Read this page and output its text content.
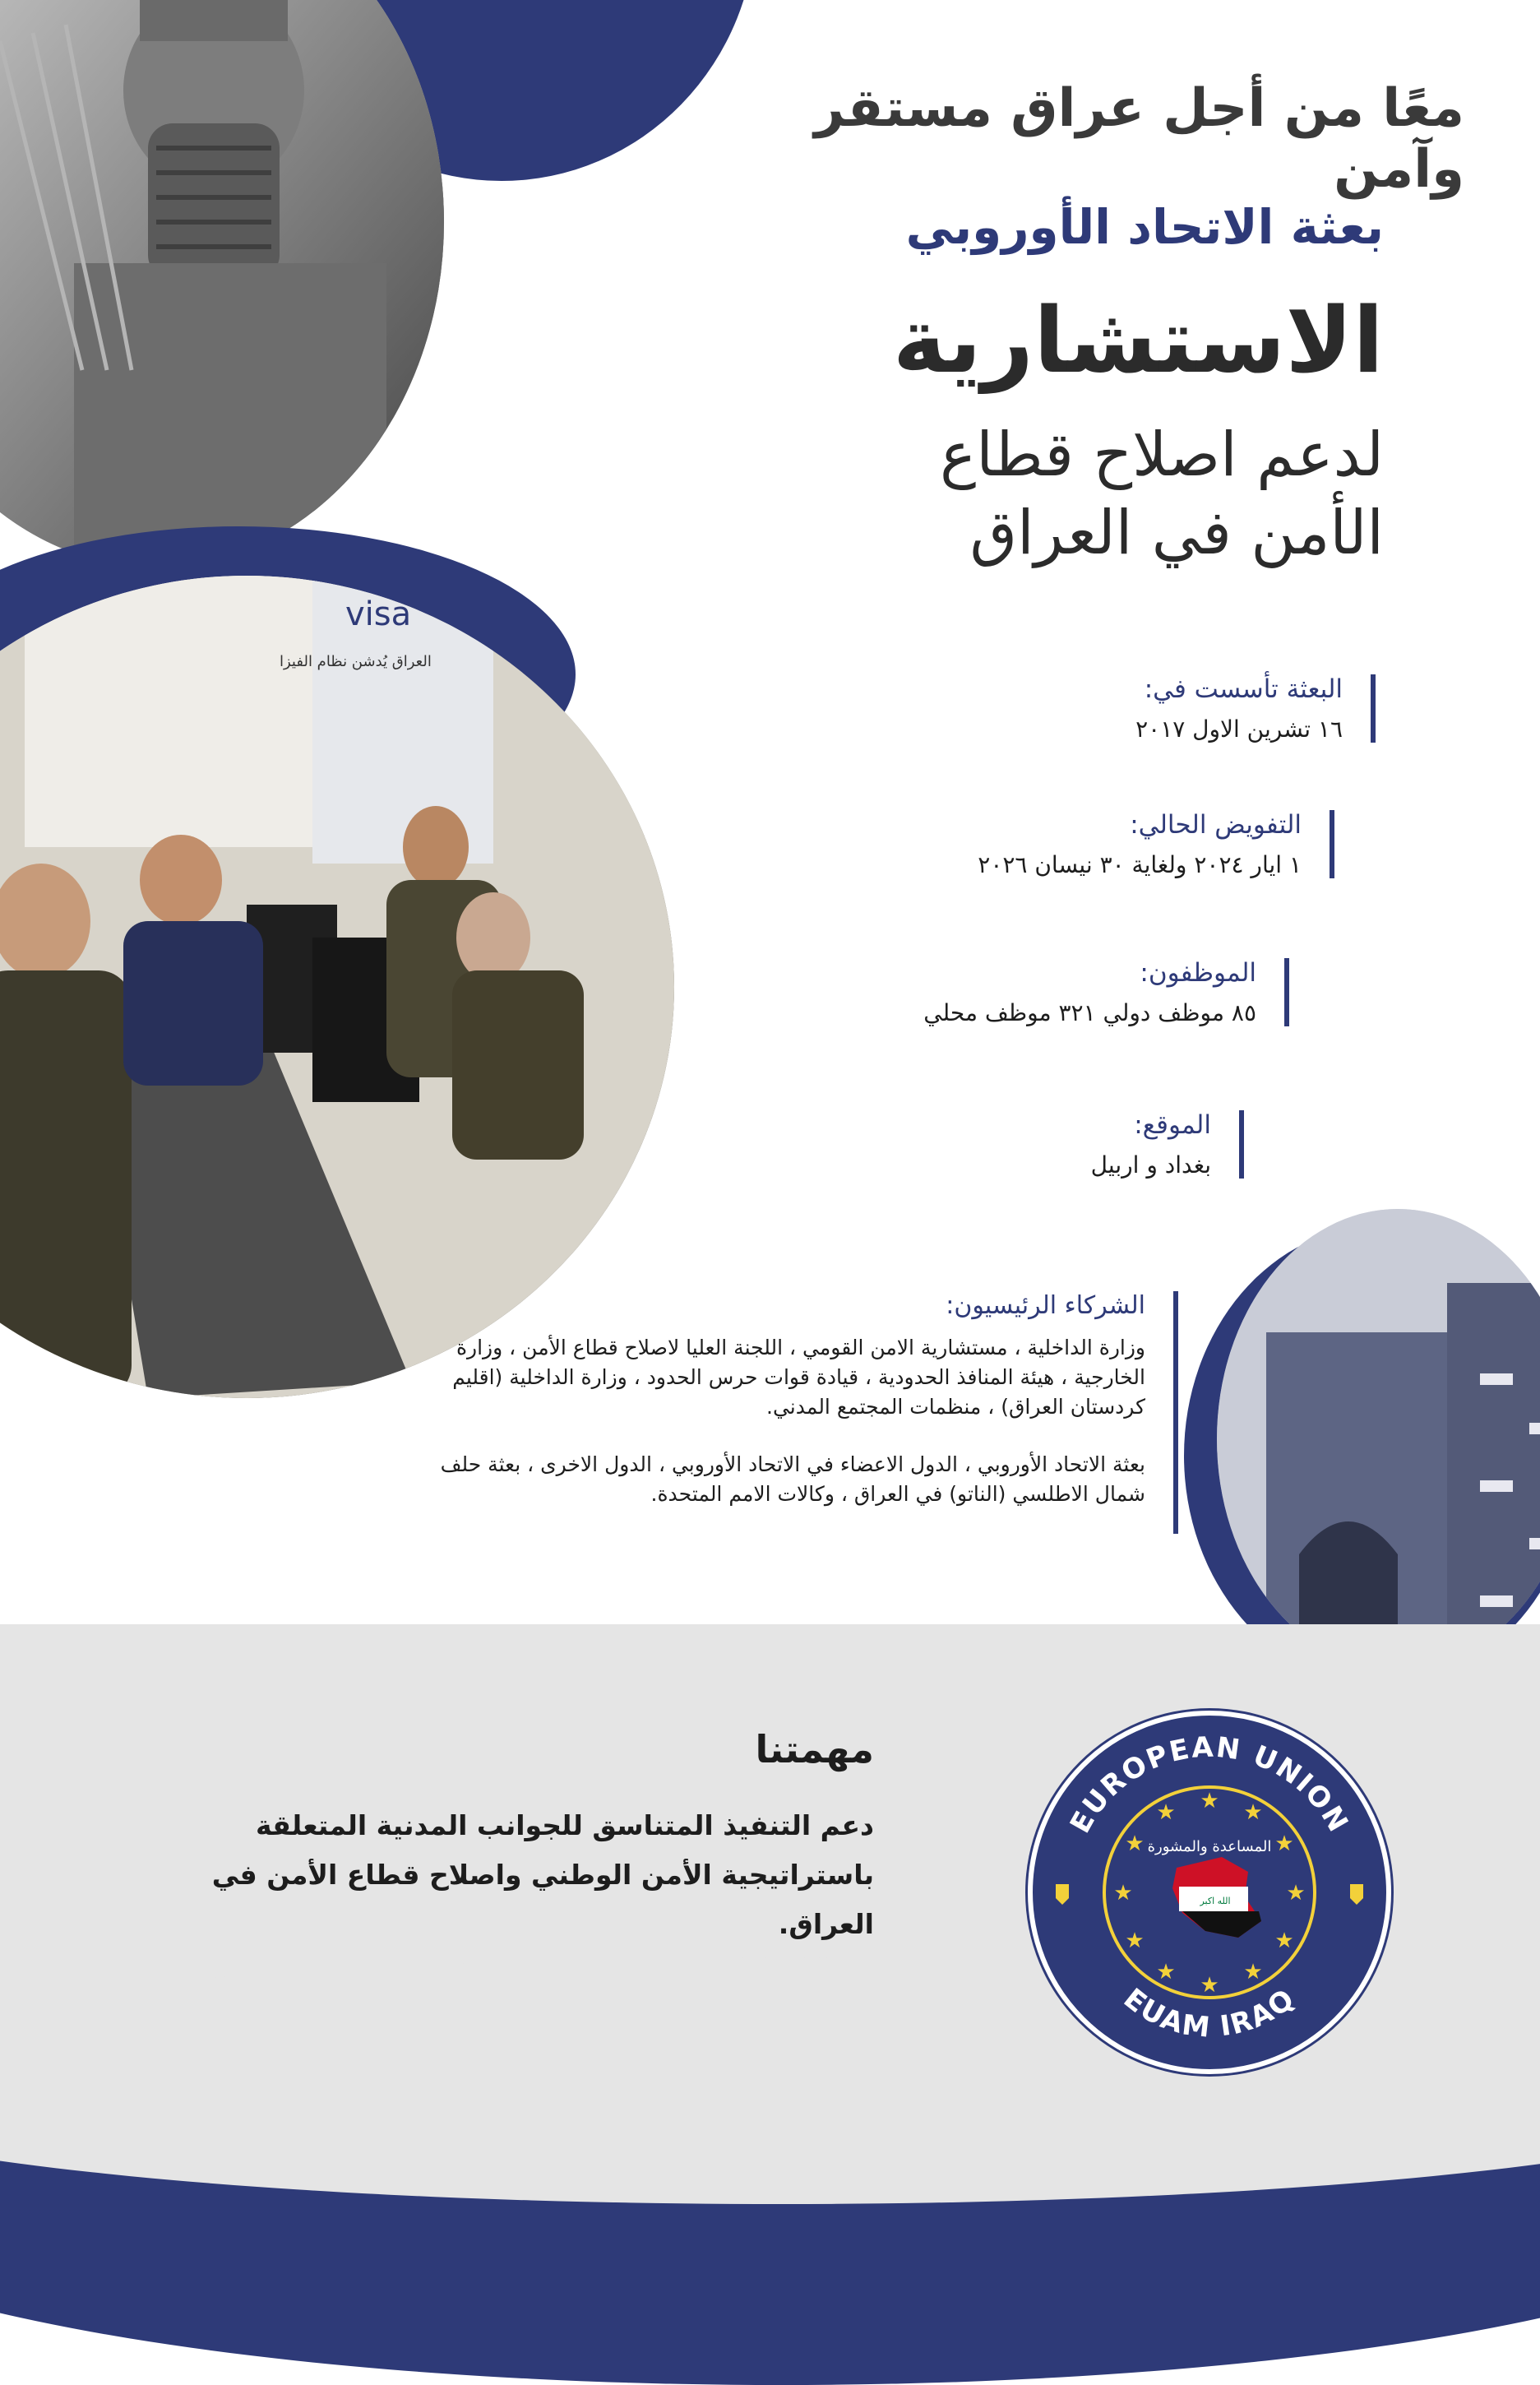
visa
العراق يُدشن نظام الفيزا
معًا من أجل عراق مستقر وآمن
بعثة الاتحاد الأوروبي
الاستشارية
لدعم اصلاح قطاع
الأمن في العراق
البعثة تأسست في:
١٦ تشرين الاول ٢٠١٧
التفويض الحالي:
١ ايار ٢٠٢٤ ولغاية ٣٠ نيسان ٢٠٢٦
الموظفون:
٨٥ موظف دولي ٣٢١ موظف محلي
الموقع:
بغداد و اربيل
الشركاء الرئيسيون:
وزارة الداخلية ، مستشارية الامن القومي ، اللجنة العليا لاصلاح قطاع الأمن ، وزارة الخارجية ، هيئة المنافذ الحدودية ، قيادة قوات حرس الحدود ، وزارة الداخلية (اقليم كردستان العراق) ، منظمات المجتمع المدني.
بعثة الاتحاد الأوروبي ، الدول الاعضاء في الاتحاد الأوروبي ، الدول الاخرى ، بعثة حلف شمال الاطلسي (الناتو) في العراق ، وكالات الامم المتحدة.
مهمتنا
دعم التنفيذ المتناسق للجوانب المدنية المتعلقة باستراتيجية الأمن الوطني واصلاح قطاع الأمن في العراق.
EUROPEAN UNION
EUAM IRAQ
★ ★
★
★
★
★
★
★
★
★
★
★
المساعدة والمشورة
الله اكبر
